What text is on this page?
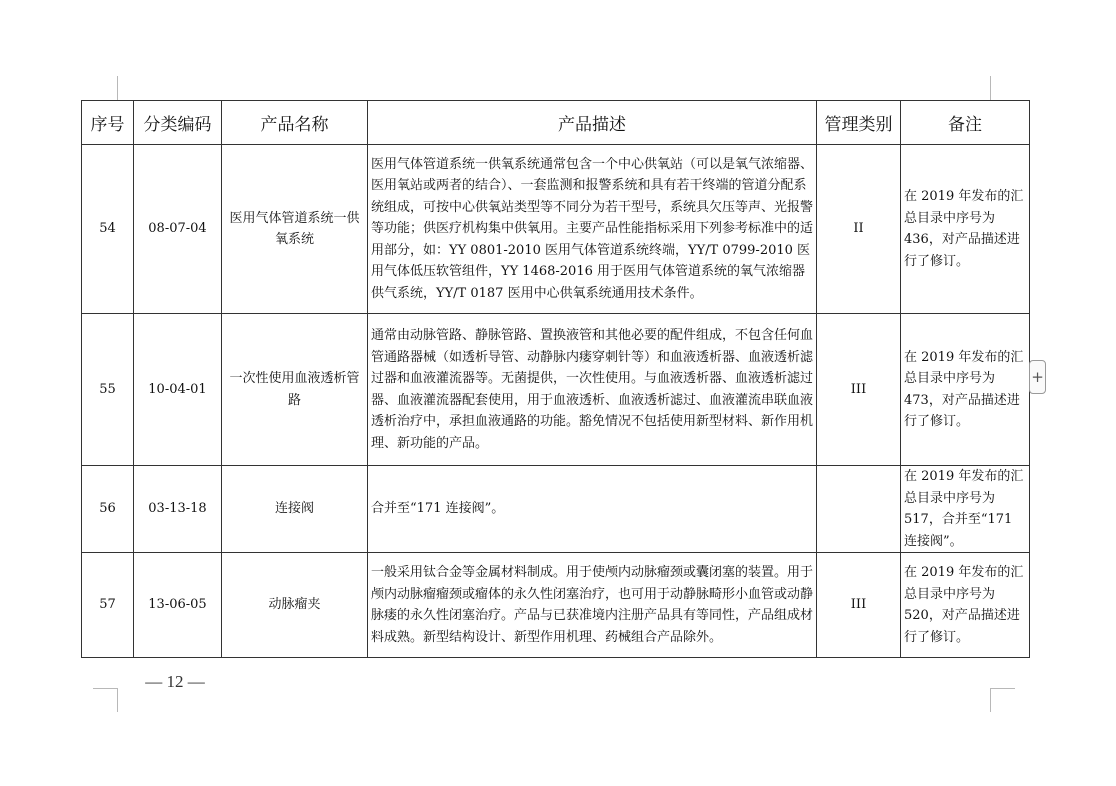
序号	分类编码	产品名称	产品描述	管理类别	备注
54	08-07-04	医用气体管道系统一供氧系统	医用气体管道系统一供氧系统通常包含一个中心供氧站（可以是氧气浓缩器、医用氧站或两者的结合）、一套监测和报警系统和具有若干终端的管道分配系统组成，可按中心供氧站类型等不同分为若干型号，系统具欠压等声、光报警等功能；供医疗机构集中供氧用。主要产品性能指标采用下列参考标准中的适用部分，如：YY 0801-2010 医用气体管道系统终端，YY/T 0799-2010 医用气体低压软管组件，YY 1468-2016 用于医用气体管道系统的氧气浓缩器供气系统，YY/T 0187 医用中心供氧系统通用技术条件。	II	在 2019 年发布的汇总目录中序号为 436，对产品描述进行了修订。
55	10-04-01	一次性使用血液透析管路	通常由动脉管路、静脉管路、置换液管和其他必要的配件组成，不包含任何血管通路器械（如透析导管、动静脉内瘘穿刺针等）和血液透析器、血液透析滤过器和血液灌流器等。无菌提供，一次性使用。与血液透析器、血液透析滤过器、血液灌流器配套使用，用于血液透析、血液透析滤过、血液灌流串联血液透析治疗中，承担血液通路的功能。豁免情况不包括使用新型材料、新作用机理、新功能的产品。	III	在 2019 年发布的汇总目录中序号为 473，对产品描述进行了修订。
56	03-13-18	连接阀	合并至“171 连接阀”。		在 2019 年发布的汇总目录中序号为 517，合并至“171 连接阀”。
57	13-06-05	动脉瘤夹	一般采用钛合金等金属材料制成。用于使颅内动脉瘤颈或囊闭塞的装置。用于颅内动脉瘤瘤颈或瘤体的永久性闭塞治疗，也可用于动静脉畸形小血管或动静脉瘘的永久性闭塞治疗。产品与已获准境内注册产品具有等同性，产品组成材料成熟。新型结构设计、新型作用机理、药械组合产品除外。	III	在 2019 年发布的汇总目录中序号为 520，对产品描述进行了修订。
— 12 —
+
